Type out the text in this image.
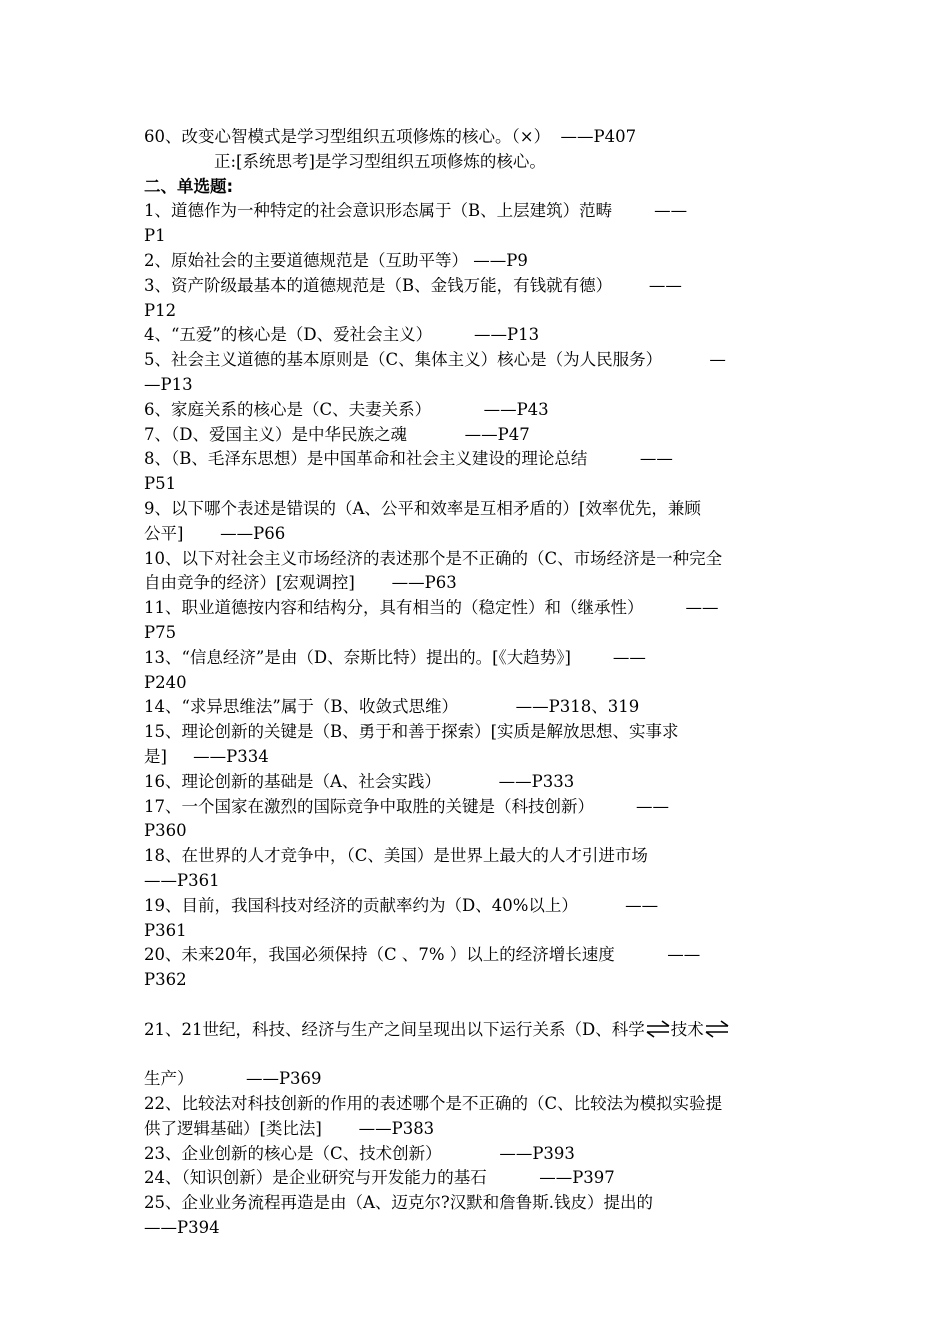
60、改变心智模式是学习型组织五项修炼的核心。（×）  ——P407
正:[系统思考]是学习型组织五项修炼的核心。
二、单选题:
1、道德作为一种特定的社会意识形态属于（B、上层建筑）范畴        ——
P1
2、原始社会的主要道德规范是（互助平等） ——P9
3、资产阶级最基本的道德规范是（B、金钱万能，有钱就有德）       ——
P12
4、“五爱”的核心是（D、爱社会主义）        ——P13
5、社会主义道德的基本原则是（C、集体主义）核心是（为人民服务）         —
—P13
6、家庭关系的核心是（C、夫妻关系）          ——P43
7、（D、爱国主义）是中华民族之魂           ——P47
8、（B、毛泽东思想）是中国革命和社会主义建设的理论总结          ——
P51
9、以下哪个表述是错误的（A、公平和效率是互相矛盾的）[效率优先，兼顾
公平]       ——P66
10、以下对社会主义市场经济的表述那个是不正确的（C、市场经济是一种完全
自由竞争的经济）[宏观调控]       ——P63
11、职业道德按内容和结构分，具有相当的（稳定性）和（继承性）        ——
P75
13、“信息经济”是由（D、奈斯比特）提出的。[《大趋势》]        ——
P240
14、“求异思维法”属于（B、收敛式思维）           ——P318、319
15、理论创新的关键是（B、勇于和善于探索）[实质是解放思想、实事求
是]     ——P334
16、理论创新的基础是（A、社会实践）           ——P333
17、一个国家在激烈的国际竞争中取胜的关键是（科技创新）        ——
P360
18、在世界的人才竞争中，（C、美国）是世界上最大的人才引进市场
——P361
19、目前，我国科技对经济的贡献率约为（D、40%以上）         ——
P361
20、未来20年，我国必须保持（C 、7% ）以上的经济增长速度          ——
P362
21、21世纪，科技、经济与生产之间呈现出以下运行关系（D、科学⇌技术⇌
生产）          ——P369
22、比较法对科技创新的作用的表述哪个是不正确的（C、比较法为模拟实验提
供了逻辑基础）[类比法]       ——P383
23、企业创新的核心是（C、技术创新）           ——P393
24、（知识创新）是企业研究与开发能力的基石          ——P397
25、企业业务流程再造是由（A、迈克尔?汉默和詹鲁斯.钱皮）提出的
——P394
